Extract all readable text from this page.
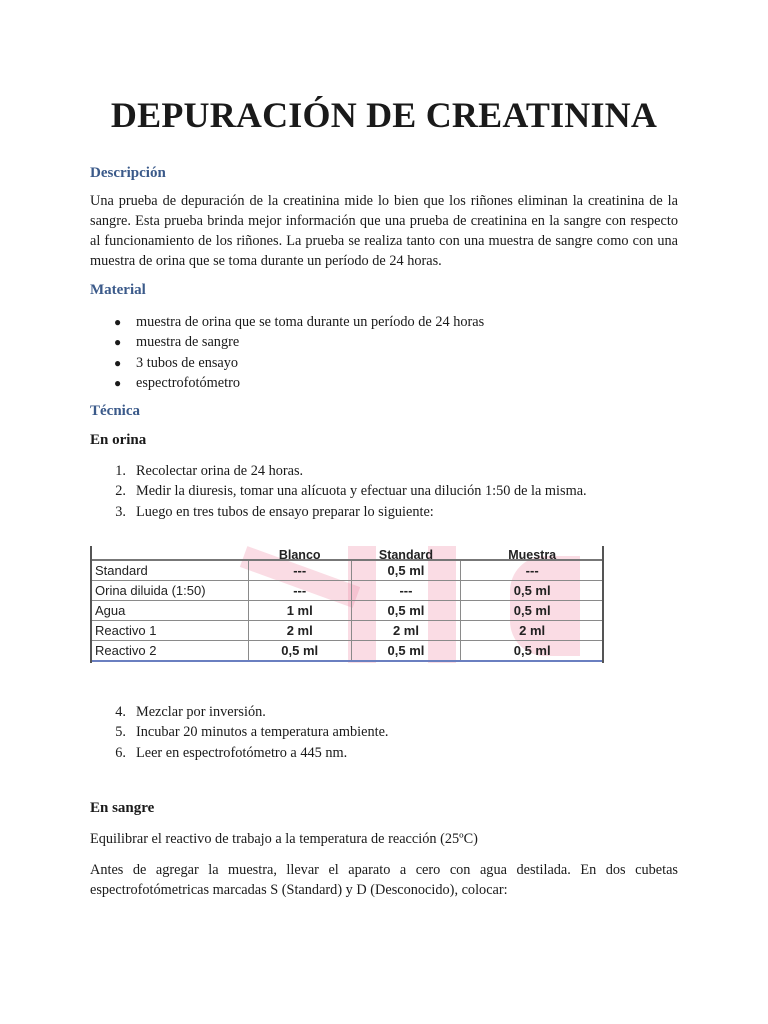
DEPURACIÓN DE CREATININA
Descripción

Una prueba de depuración de la creatinina mide lo bien que los riñones eliminan la creatinina de la sangre. Esta prueba brinda mejor información que una prueba de creatinina en la sangre con respecto al funcionamiento de los riñones. La prueba se realiza tanto con una muestra de sangre como con una muestra de orina que se toma durante un período de 24 horas.

Material
● muestra de orina que se toma durante un período de 24 horas
● muestra de sangre
● 3 tubos de ensayo
● espectrofotómetro
Técnica
En orina
1. Recolectar orina de 24 horas.
2. Medir la diuresis, tomar una alícuota y efectuar una dilución 1:50 de la misma.
3. Luego en tres tubos de ensayo preparar lo siguiente:
	Blanco	Standard	Muestra
Standard	---	0,5 ml	---
Orina diluida (1:50)	---	---	0,5 ml
Agua	1 ml	0,5 ml	0,5 ml
Reactivo 1	2 ml	2 ml	2 ml
Reactivo 2	0,5 ml	0,5 ml	0,5 ml
4. Mezclar por inversión.
5. Incubar 20 minutos a temperatura ambiente.
6. Leer en espectrofotómetro a 445 nm.
En sangre

Equilibrar el reactivo de trabajo a la temperatura de reacción (25ºC)

Antes de agregar la muestra, llevar el aparato a cero con agua destilada. En dos cubetas espectrofotómetricas marcadas S (Standard) y D (Desconocido), colocar:
